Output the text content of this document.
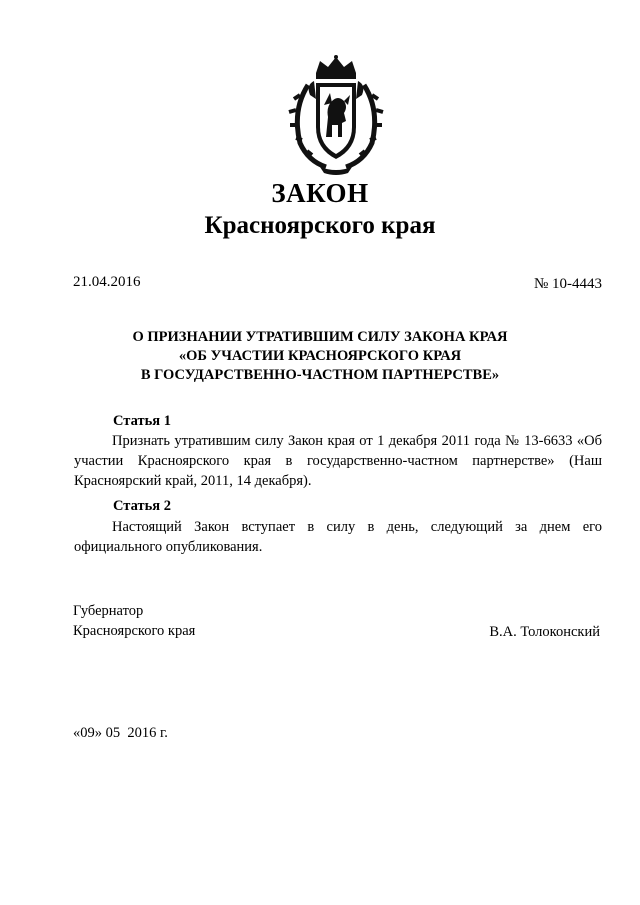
ЗАКОН
Красноярского края
21.04.2016	№ 10-4443
О ПРИЗНАНИИ УТРАТИВШИМ СИЛУ ЗАКОНА КРАЯ
«ОБ УЧАСТИИ КРАСНОЯРСКОГО КРАЯ
В ГОСУДАРСТВЕННО-ЧАСТНОМ ПАРТНЕРСТВЕ»
Статья 1
Признать утратившим силу Закон края от 1 декабря 2011 года № 13-6633 «Об участии Красноярского края в государственно-частном партнерстве» (Наш Красноярский край, 2011, 14 декабря).
Статья 2
Настоящий Закон вступает в силу в день, следующий за днем его официального опубликования.
Губернатор
Красноярского края	В.А. Толоконский
«09» 05  2016 г.
